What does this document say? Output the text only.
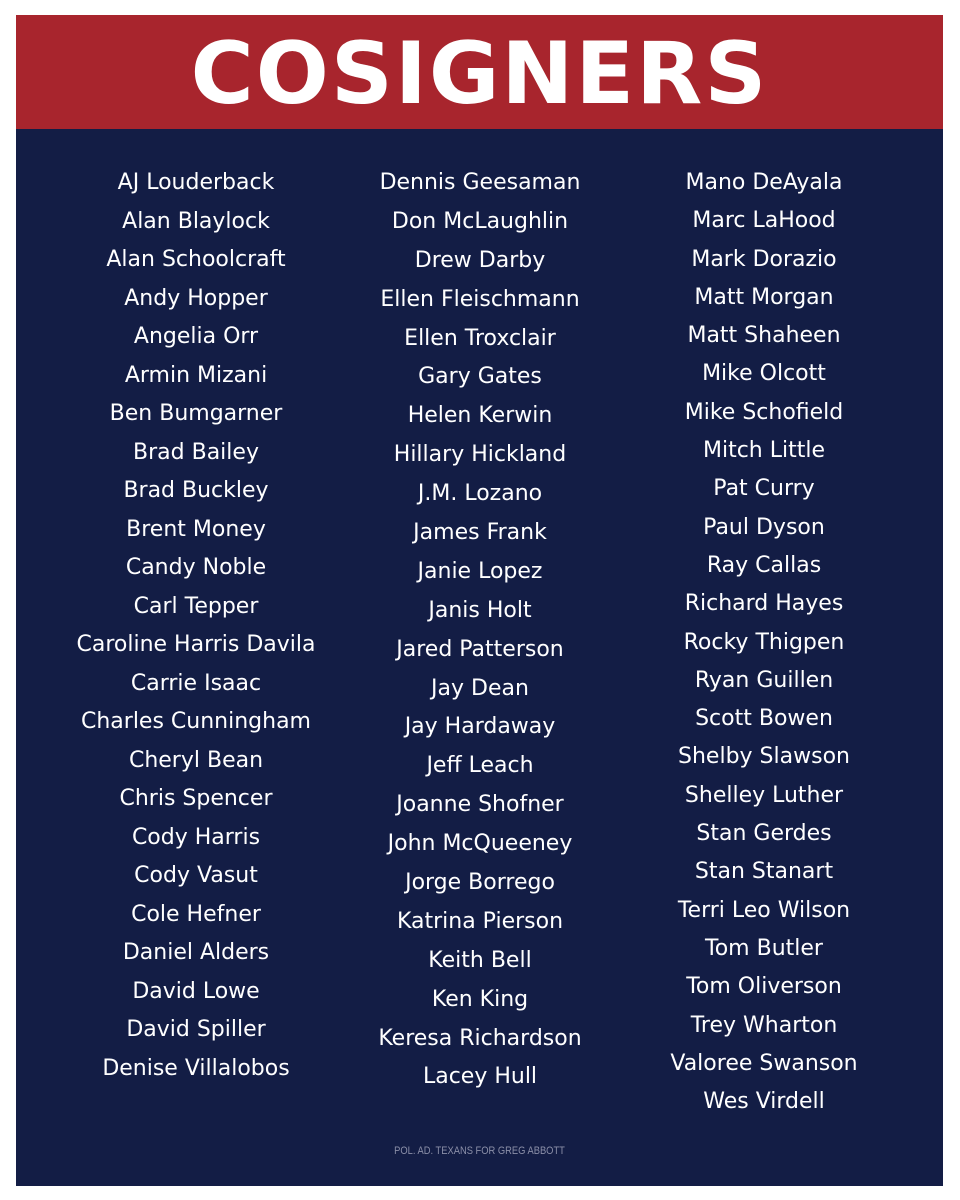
COSIGNERS
AJ Louderback
Alan Blaylock
Alan Schoolcraft
Andy Hopper
Angelia Orr
Armin Mizani
Ben Bumgarner
Brad Bailey
Brad Buckley
Brent Money
Candy Noble
Carl Tepper
Caroline Harris Davila
Carrie Isaac
Charles Cunningham
Cheryl Bean
Chris Spencer
Cody Harris
Cody Vasut
Cole Hefner
Daniel Alders
David Lowe
David Spiller
Denise Villalobos
Dennis Geesaman
Don McLaughlin
Drew Darby
Ellen Fleischmann
Ellen Troxclair
Gary Gates
Helen Kerwin
Hillary Hickland
J.M. Lozano
James Frank
Janie Lopez
Janis Holt
Jared Patterson
Jay Dean
Jay Hardaway
Jeff Leach
Joanne Shofner
John McQueeney
Jorge Borrego
Katrina Pierson
Keith Bell
Ken King
Keresa Richardson
Lacey Hull
Mano DeAyala
Marc LaHood
Mark Dorazio
Matt Morgan
Matt Shaheen
Mike Olcott
Mike Schofield
Mitch Little
Pat Curry
Paul Dyson
Ray Callas
Richard Hayes
Rocky Thigpen
Ryan Guillen
Scott Bowen
Shelby Slawson
Shelley Luther
Stan Gerdes
Stan Stanart
Terri Leo Wilson
Tom Butler
Tom Oliverson
Trey Wharton
Valoree Swanson
Wes Virdell
POL. AD. TEXANS FOR GREG ABBOTT
